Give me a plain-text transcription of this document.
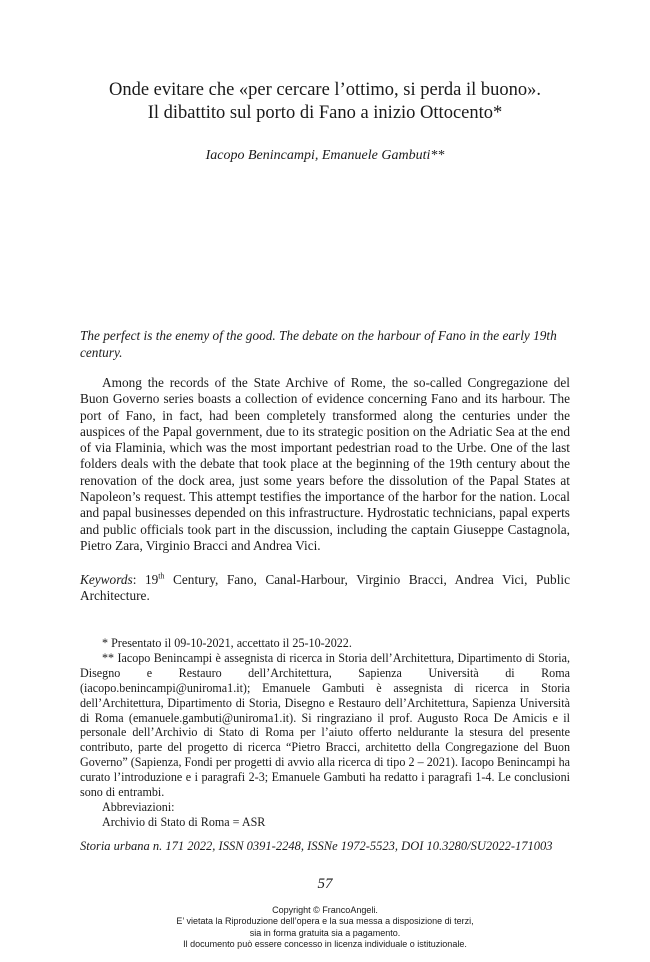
Onde evitare che «per cercare l’ottimo, si perda il buono».
Il dibattito sul porto di Fano a inizio Ottocento*
Iacopo Benincampi, Emanuele Gambuti**
The perfect is the enemy of the good. The debate on the harbour of Fano in the early 19th century.

Among the records of the State Archive of Rome, the so-called Congregazione del Buon Governo series boasts a collection of evidence concerning Fano and its harbour. The port of Fano, in fact, had been completely transformed along the centuries under the auspices of the Papal government, due to its strategic position on the Adriatic Sea at the end of via Flaminia, which was the most important pedestrian road to the Urbe. One of the last folders deals with the debate that took place at the beginning of the 19th century about the renovation of the dock area, just some years before the dissolution of the Papal States at Napoleon’s request. This attempt testifies the importance of the harbor for the nation. Local and papal businesses depended on this infrastructure. Hydrostatic technicians, papal experts and public officials took part in the discussion, including the captain Giuseppe Castagnola, Pietro Zara, Virginio Bracci and Andrea Vici.

Keywords: 19th Century, Fano, Canal-Harbour, Virginio Bracci, Andrea Vici, Public Architecture.

* Presentato il 09-10-2021, accettato il 25-10-2022.

** Iacopo Benincampi è assegnista di ricerca in Storia dell’Architettura, Dipartimento di Storia, Disegno e Restauro dell’Architettura, Sapienza Università di Roma (iacopo.benincampi@uniroma1.it); Emanuele Gambuti è assegnista di ricerca in Storia dell’Architettura, Dipartimento di Storia, Disegno e Restauro dell’Architettura, Sapienza Università di Roma (emanuele.gambuti@uniroma1.it). Si ringraziano il prof. Augusto Roca De Amicis e il personale dell’Archivio di Stato di Roma per l’aiuto offerto neldurante la stesura del presente contributo, parte del progetto di ricerca “Pietro Bracci, architetto della Congregazione del Buon Governo” (Sapienza, Fondi per progetti di avvio alla ricerca di tipo 2 – 2021). Iacopo Benincampi ha curato l’introduzione e i paragrafi 2-3; Emanuele Gambuti ha redatto i paragrafi 1-4. Le conclusioni sono di entrambi.

Abbreviazioni:

Archivio di Stato di Roma = ASR

Storia urbana n. 171 2022, ISSN 0391-2248, ISSNe 1972-5523, DOI 10.3280/SU2022-171003
57
Copyright © FrancoAngeli.
E’ vietata la Riproduzione dell’opera e la sua messa a disposizione di terzi,
sia in forma gratuita sia a pagamento.
Il documento può essere concesso in licenza individuale o istituzionale.
